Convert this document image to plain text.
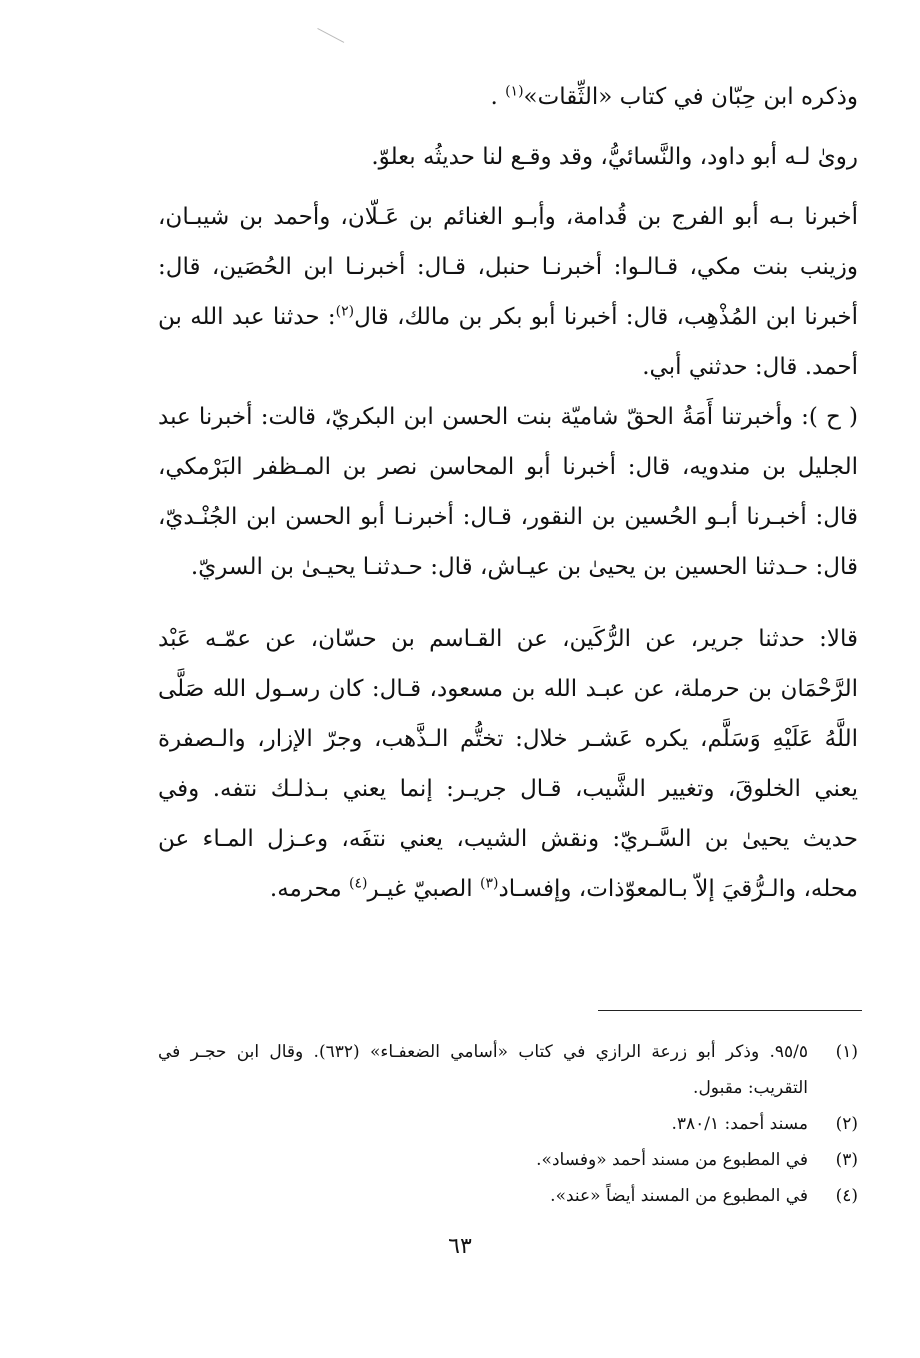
وذكره ابن حِبّان في كتاب «الثِّقات»$^{(١)}$ .

روىٰ لـه أبو داود، والنَّسائيُّ، وقد وقـع لنا حديثُه بعلوّ.

أخبرنا بـه أبو الفرج بن قُدامة، وأبـو الغنائم بن عَـلّان، وأحمد بن شيبـان، وزينب بنت مكي، قـالـوا: أخبرنـا حنبل، قـال: أخبرنـا ابن الحُصَين، قال: أخبرنا ابن المُذْهِب، قال: أخبرنا أبو بكر بن مالك، قال$^{(٢)}$: حدثنا عبد الله بن أحمد. قال: حدثني أبي.

( ح ): وأخبرتنا أَمَةُ الحقّ شاميّة بنت الحسن ابن البكريّ، قالت: أخبرنا عبد الجليل بن مندويه، قال: أخبرنا أبو المحاسن نصر بن المـظفر البَرْمكي، قال: أخبـرنا أبـو الحُسين بن النقور، قـال: أخبرنـا أبو الحسن ابن الجُنْـديّ، قال: حـدثنا الحسين بن يحيىٰ بن عيـاش، قال: حـدثنـا يحيـىٰ بن السريّ.

قالا: حدثنا جرير، عن الرُّكَين، عن القـاسم بن حسّان، عن عمّـه عَبْد الرَّحْمَان بن حرملة، عن عبـد الله بن مسعود، قـال: كان رسـول الله صَلَّى اللَّهُ عَلَيْهِ وَسَلَّم، يكره عَشـر خلال: تختُّم الـذَّهب، وجرّ الإزار، والـصفرة يعني الخلوقَ، وتغيير الشَّيب، قـال جريـر: إنما يعني بـذلـك نتفه. وفي حديث يحيىٰ بن السَّـريّ: ونقش الشيب، يعني نتفَه، وعـزل المـاء عن محله، والـرُّقيَ إلاّ بـالمعوّذات، وإفسـاد$^{(٣)}$ الصبيّ غيـر$^{(٤)}$ محرمه.

(١)
٩٥/٥. وذكر أبو زرعة الرازي في كتاب «أسامي الضعفـاء» (٦٣٢). وقال ابن حجـر في التقريب: مقبول.
(٢)
مسند أحمد: ٣٨٠/١.
(٣)
في المطبوع من مسند أحمد «وفساد».
(٤)
في المطبوع من المسند أيضاً «عند».
٦٣
